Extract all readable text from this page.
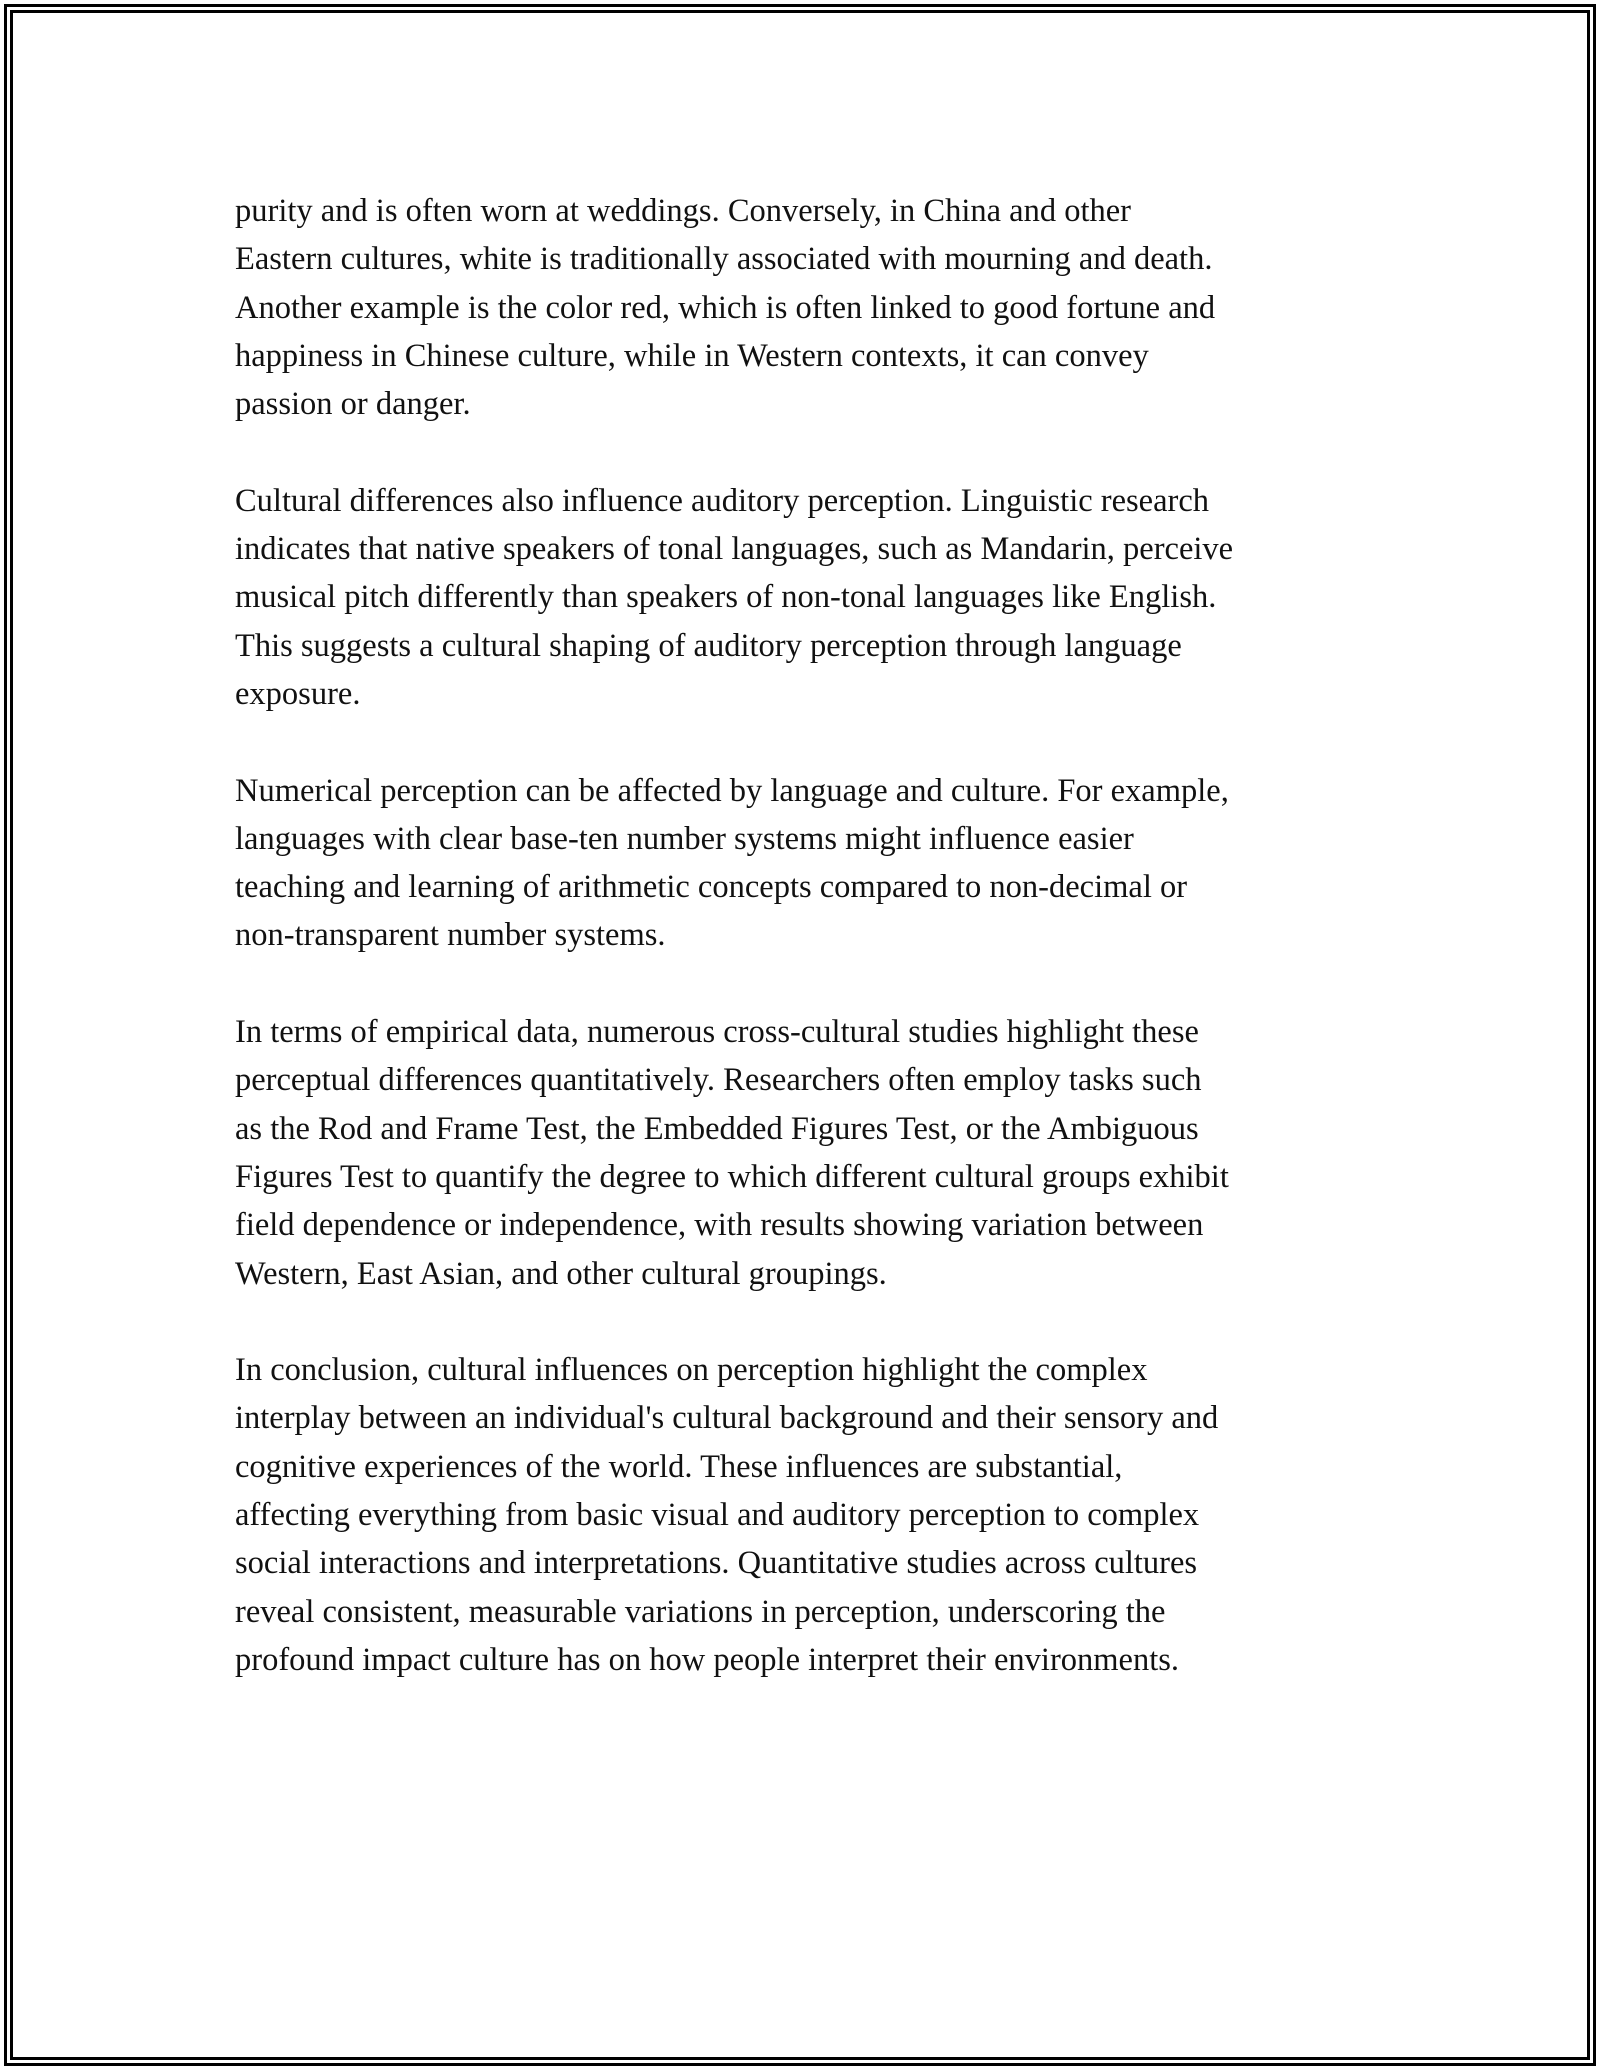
purity and is often worn at weddings. Conversely, in China and other
Eastern cultures, white is traditionally associated with mourning and death.
Another example is the color red, which is often linked to good fortune and
happiness in Chinese culture, while in Western contexts, it can convey
passion or danger.

Cultural differences also influence auditory perception. Linguistic research
indicates that native speakers of tonal languages, such as Mandarin, perceive
musical pitch differently than speakers of non-tonal languages like English.
This suggests a cultural shaping of auditory perception through language
exposure.

Numerical perception can be affected by language and culture. For example,
languages with clear base-ten number systems might influence easier
teaching and learning of arithmetic concepts compared to non-decimal or
non-transparent number systems.

In terms of empirical data, numerous cross-cultural studies highlight these
perceptual differences quantitatively. Researchers often employ tasks such
as the Rod and Frame Test, the Embedded Figures Test, or the Ambiguous
Figures Test to quantify the degree to which different cultural groups exhibit
field dependence or independence, with results showing variation between
Western, East Asian, and other cultural groupings.

In conclusion, cultural influences on perception highlight the complex
interplay between an individual's cultural background and their sensory and
cognitive experiences of the world. These influences are substantial,
affecting everything from basic visual and auditory perception to complex
social interactions and interpretations. Quantitative studies across cultures
reveal consistent, measurable variations in perception, underscoring the
profound impact culture has on how people interpret their environments.
